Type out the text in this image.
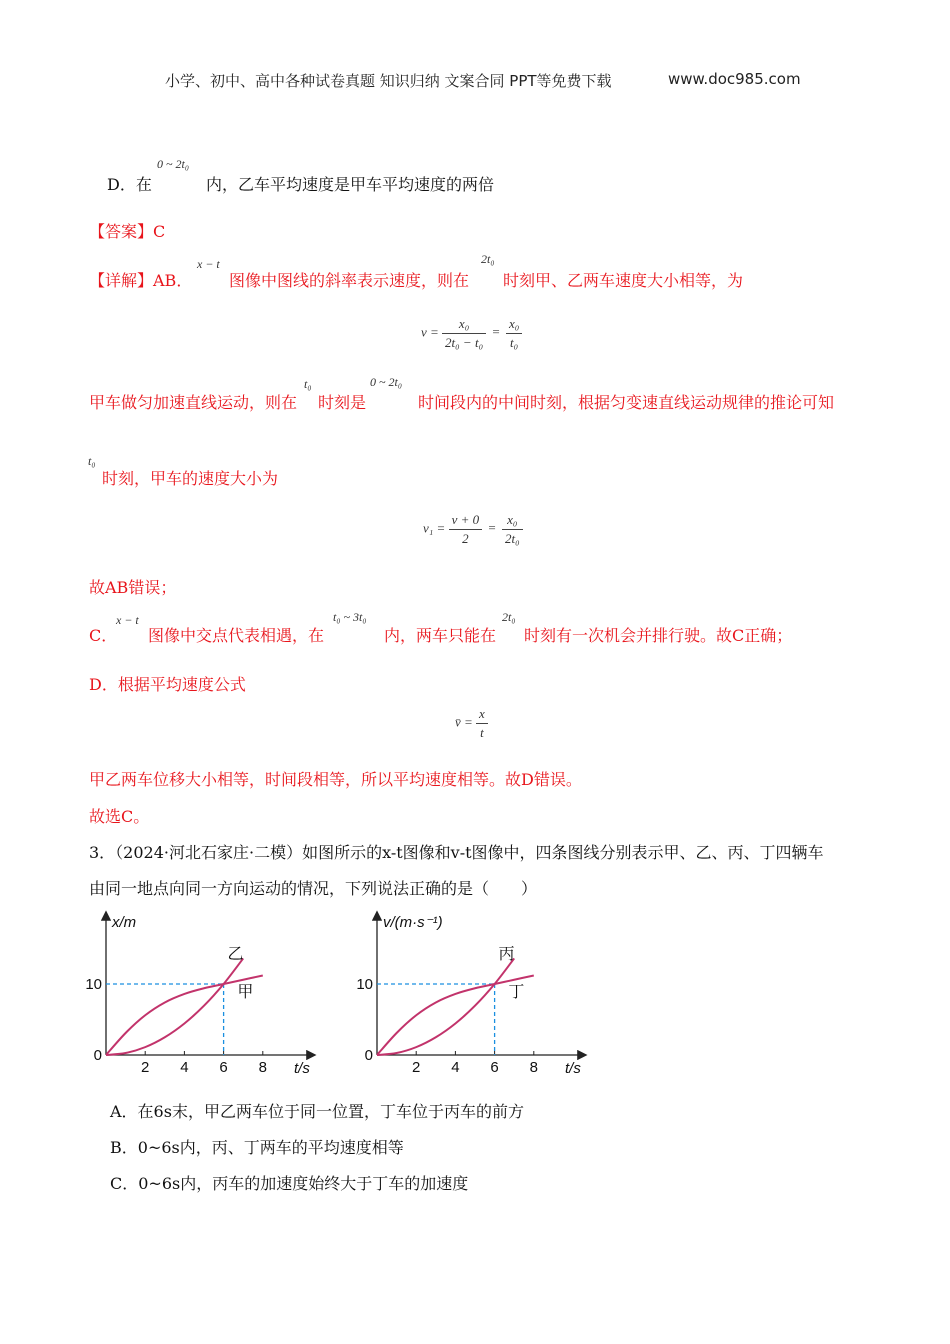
小学、初中、高中各种试卷真题 知识归纳 文案合同 PPT等免费下载	www.doc985.com
D．在
0 ~ 2t₀
内，乙车平均速度是甲车平均速度的两倍
【答案】C
【详解】AB．
x − t
图像中图线的斜率表示速度，则在
2t₀
时刻甲、乙两车速度大小相等，为
$v = \frac{\text{x₀}}{\text{2t₀ − t₀}} = \frac{\text{x₀}}{\text{t₀}}$
甲车做匀加速直线运动，则在
t₀
时刻是
0 ~ 2t₀
时间段内的中间时刻，根据匀变速直线运动规律的推论可知
t₀
时刻，甲车的速度大小为
$v_1 = \frac{v + 0}{2} = \frac{\text{x₀}}{\text{2t₀}}$
故AB错误；
C．
x − t
图像中交点代表相遇，在
t₀ ~ 3t₀
内，两车只能在
2t₀
时刻有一次机会并排行驶。故C正确；
D．根据平均速度公式
v̄ = $\frac{x}{t}$
甲乙两车位移大小相等，时间段相等，所以平均速度相等。故D错误。
故选C。
3．（2024·河北石家庄·二模）如图所示的x-t图像和v-t图像中，四条图线分别表示甲、乙、丙、丁四辆车
由同一地点向同一方向运动的情况，下列说法正确的是（　　）
2 4 6 8
10
0
t/s
x/m
乙
甲
2 4 6 8
10
0
t/s
v/(m·s⁻¹)
丙
丁
A．在6s末，甲乙两车位于同一位置，丁车位于丙车的前方
B．0~6s内，丙、丁两车的平均速度相等
C．0~6s内，丙车的加速度始终大于丁车的加速度
